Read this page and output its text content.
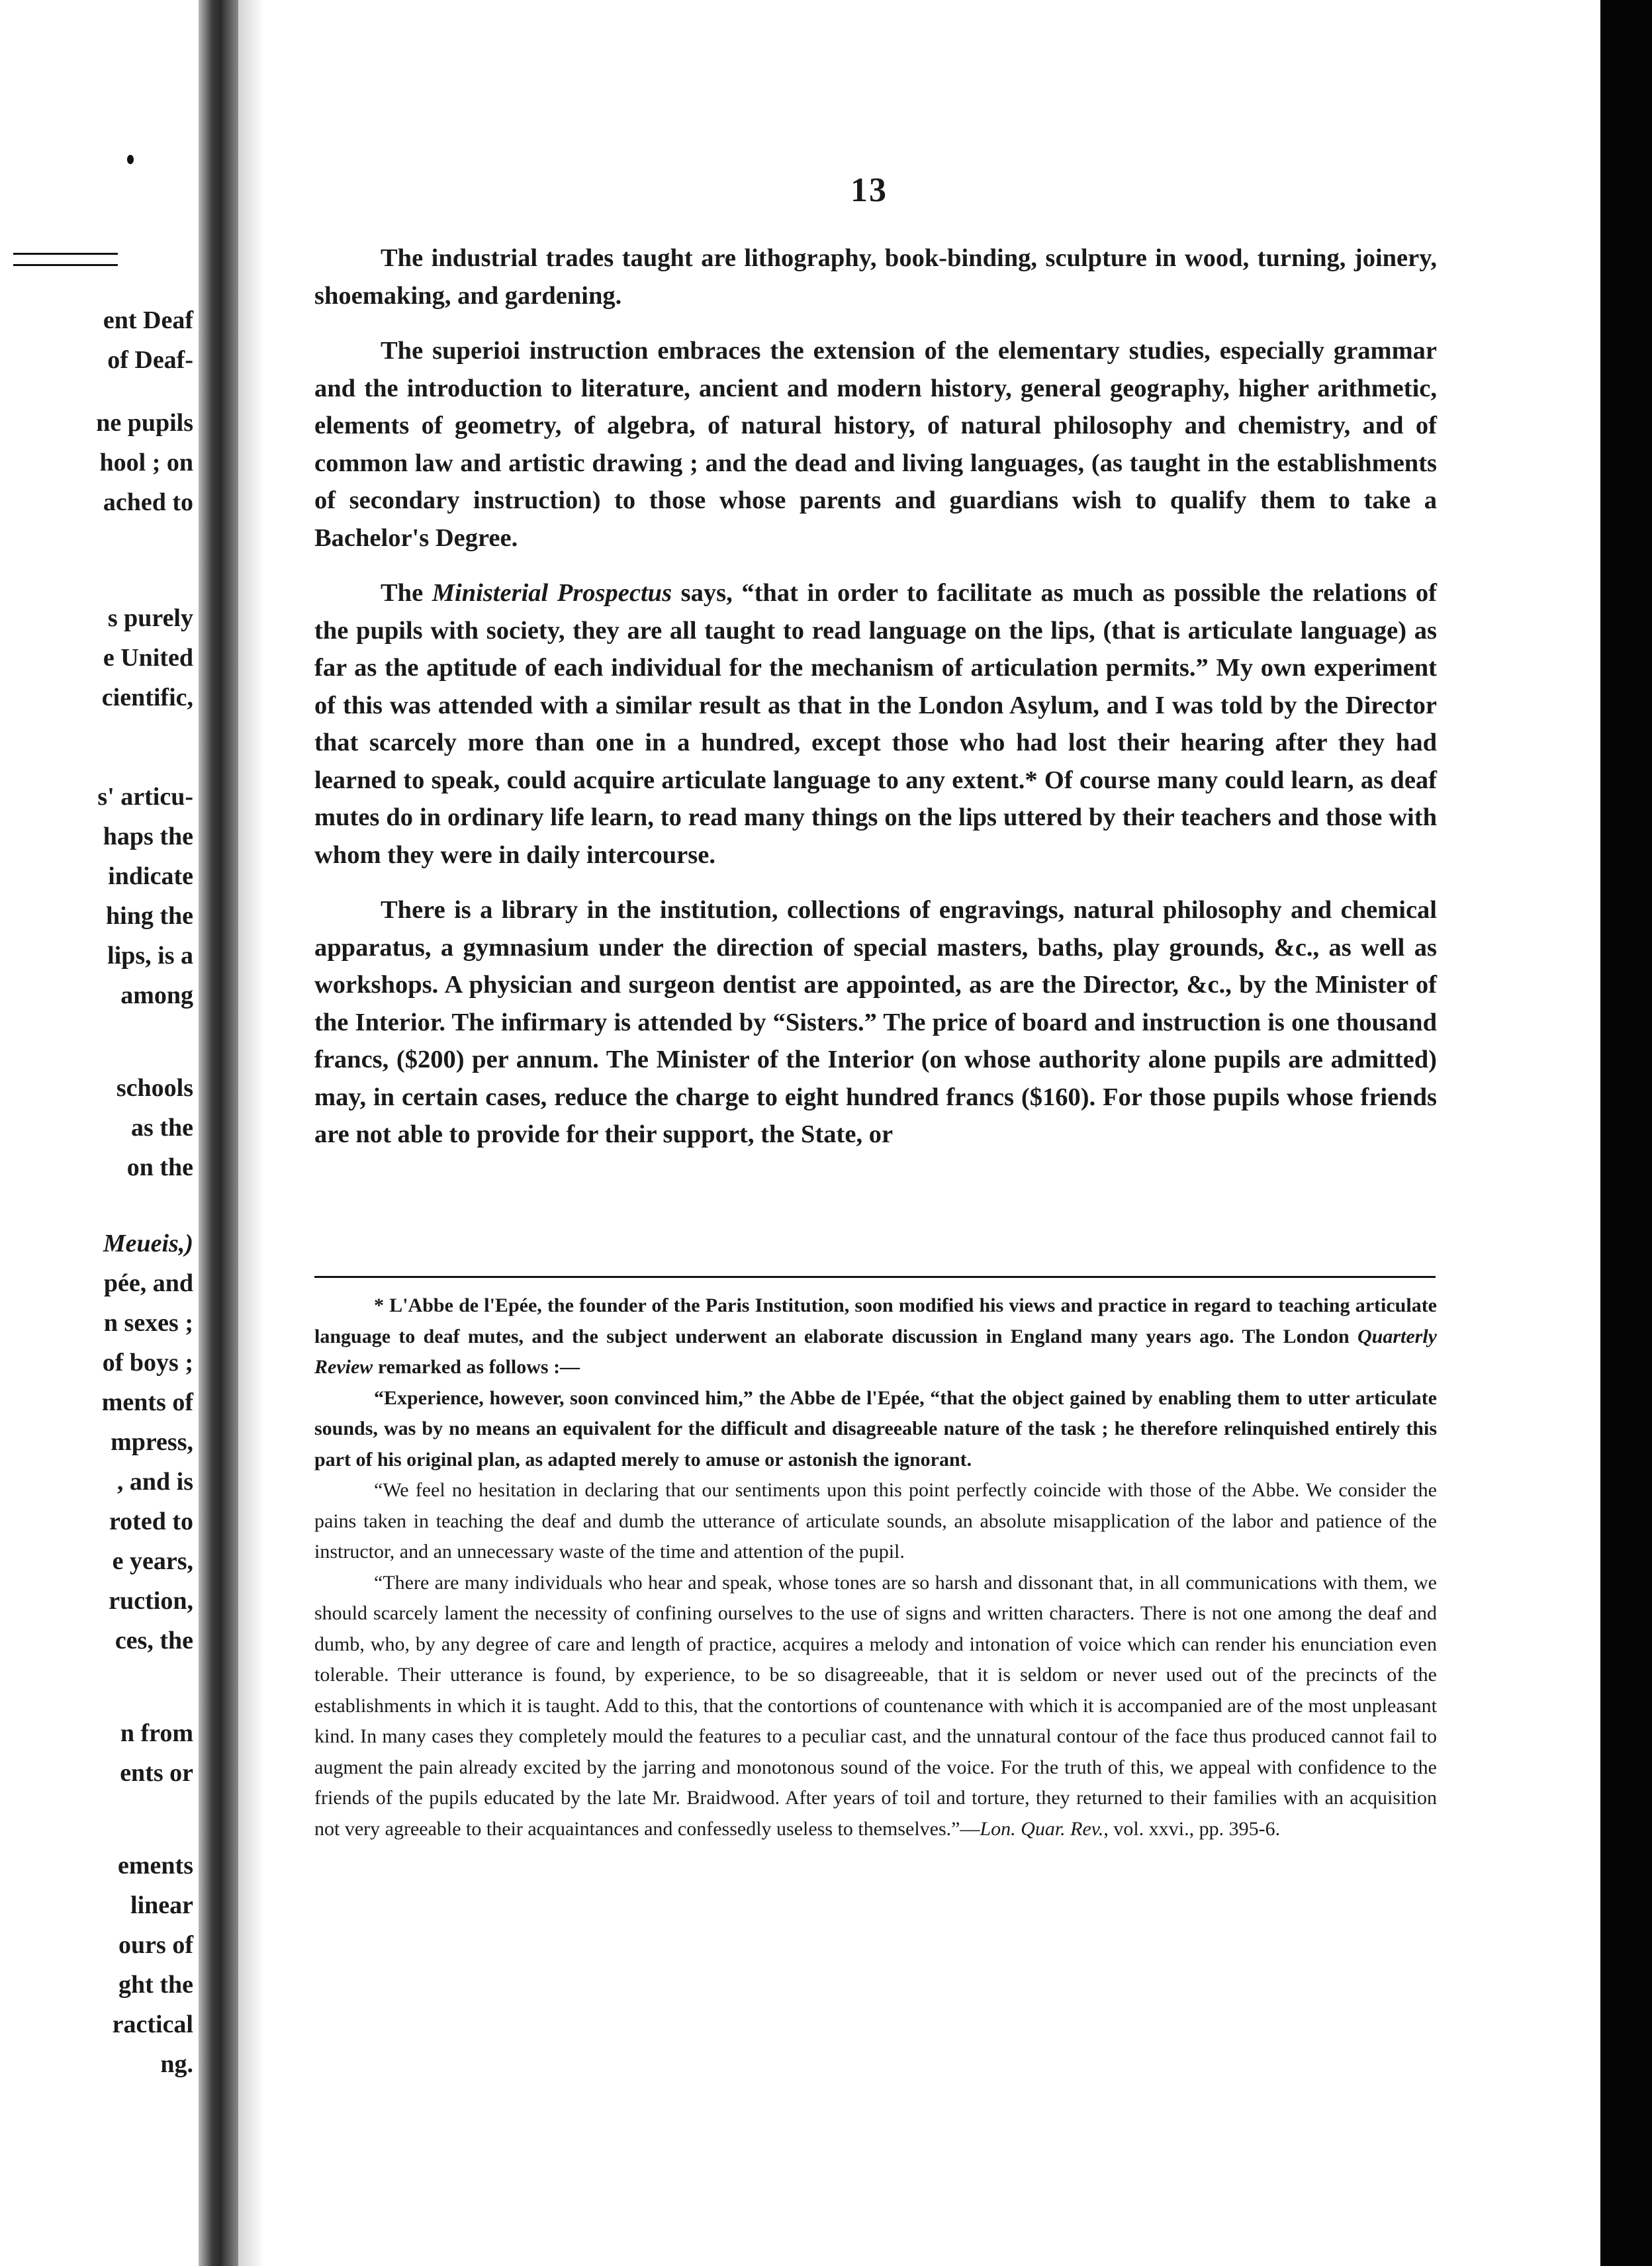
ent Deaf
of Deaf-
ne pupils
hool ; on
ached to
s purely
e United
cientific,
s' articu-
haps the
indicate
hing the
lips, is a
among
schools
as the
on the
Meueis,)
pée, and
n sexes ;
of boys ;
ments of
mpress,
, and is
roted to
e years,
ruction,
ces, the
n from
ents or
ements
linear
ours of
ght the
ractical
ng.
13

The industrial trades taught are lithography, book-binding, sculpture in wood, turning, joinery, shoemaking, and gardening.

The superioi instruction embraces the extension of the elementary studies, especially grammar and the introduction to literature, ancient and modern history, general geography, higher arithmetic, elements of geometry, of algebra, of natural history, of natural philosophy and chemistry, and of common law and artistic drawing ; and the dead and living languages, (as taught in the establishments of secondary instruction) to those whose parents and guardians wish to qualify them to take a Bachelor's Degree.

The Ministerial Prospectus says, “that in order to facilitate as much as possible the relations of the pupils with society, they are all taught to read language on the lips, (that is articulate language) as far as the aptitude of each individual for the mechanism of articulation permits.” My own experiment of this was attended with a similar result as that in the London Asylum, and I was told by the Director that scarcely more than one in a hundred, except those who had lost their hearing after they had learned to speak, could acquire articulate language to any extent.* Of course many could learn, as deaf mutes do in ordinary life learn, to read many things on the lips uttered by their teachers and those with whom they were in daily intercourse.

There is a library in the institution, collections of engravings, natural philosophy and chemical apparatus, a gymnasium under the direction of special masters, baths, play grounds, &c., as well as workshops. A physician and surgeon dentist are appointed, as are the Director, &c., by the Minister of the Interior. The infirmary is attended by “Sisters.” The price of board and instruction is one thousand francs, ($200) per annum. The Minister of the Interior (on whose authority alone pupils are admitted) may, in certain cases, reduce the charge to eight hundred francs ($160). For those pupils whose friends are not able to provide for their support, the State, or

* L'Abbe de l'Epée, the founder of the Paris Institution, soon modified his views and practice in regard to teaching articulate language to deaf mutes, and the subject underwent an elaborate discussion in England many years ago. The London Quarterly Review remarked as follows :—

“Experience, however, soon convinced him,” the Abbe de l'Epée, “that the object gained by enabling them to utter articulate sounds, was by no means an equivalent for the difficult and disagreeable nature of the task ; he therefore relinquished entirely this part of his original plan, as adapted merely to amuse or astonish the ignorant.

“We feel no hesitation in declaring that our sentiments upon this point perfectly coincide with those of the Abbe. We consider the pains taken in teaching the deaf and dumb the utterance of articulate sounds, an absolute misapplication of the labor and patience of the instructor, and an unnecessary waste of the time and attention of the pupil.

“There are many individuals who hear and speak, whose tones are so harsh and dissonant that, in all communications with them, we should scarcely lament the necessity of confining ourselves to the use of signs and written characters. There is not one among the deaf and dumb, who, by any degree of care and length of practice, acquires a melody and intonation of voice which can render his enunciation even tolerable. Their utterance is found, by experience, to be so disagreeable, that it is seldom or never used out of the precincts of the establishments in which it is taught. Add to this, that the contortions of countenance with which it is accompanied are of the most unpleasant kind. In many cases they completely mould the features to a peculiar cast, and the unnatural contour of the face thus produced cannot fail to augment the pain already excited by the jarring and monotonous sound of the voice. For the truth of this, we appeal with confidence to the friends of the pupils educated by the late Mr. Braidwood. After years of toil and torture, they returned to their families with an acquisition not very agreeable to their acquaintances and confessedly useless to themselves.”—Lon. Quar. Rev., vol. xxvi., pp. 395-6.
